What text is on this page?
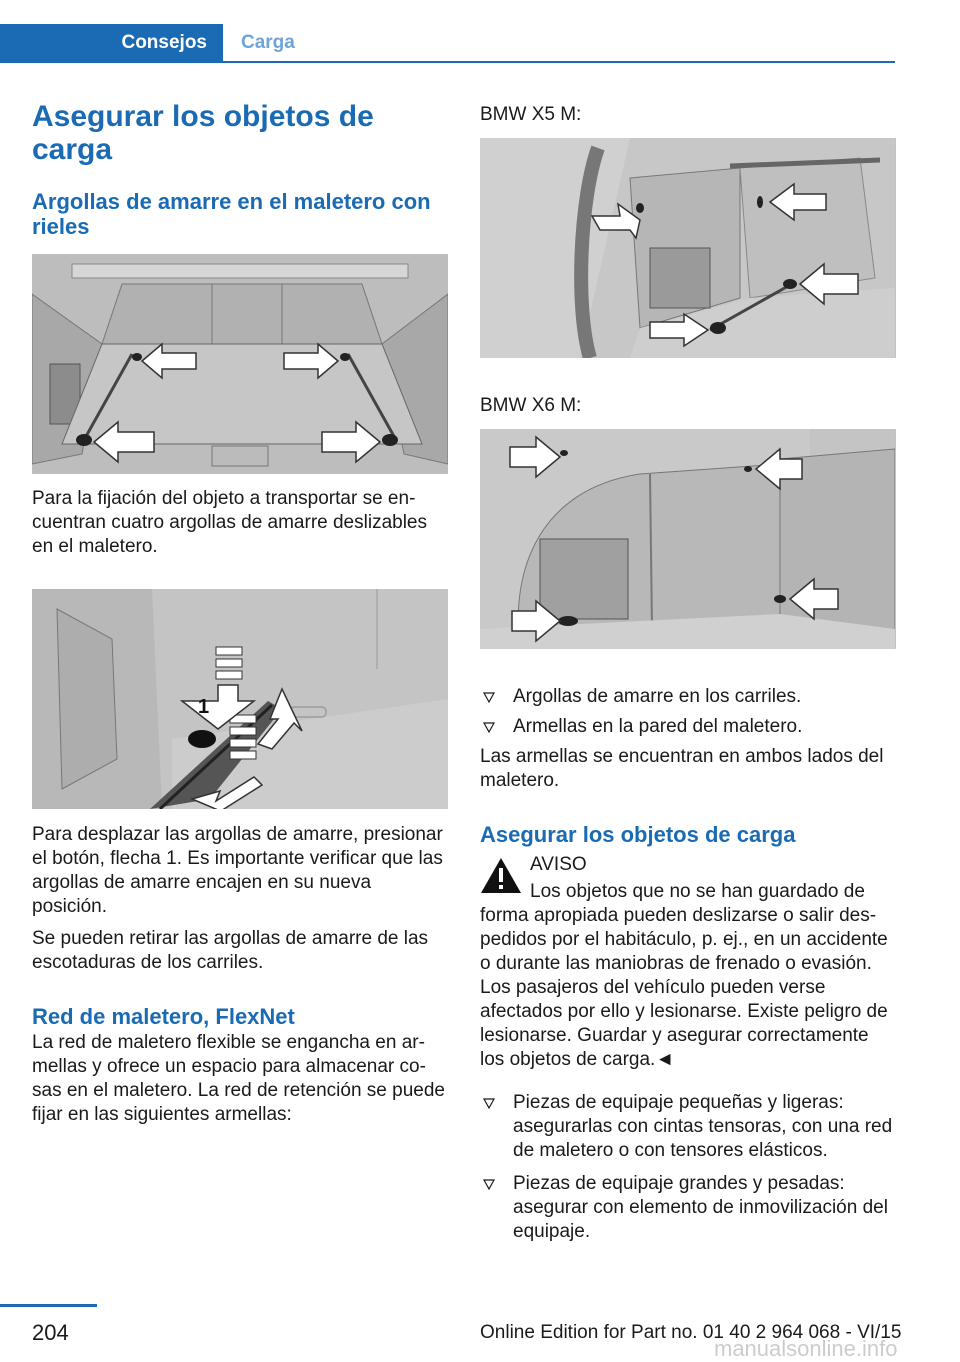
Consejos Carga
Asegurar los objetos de carga
Argollas de amarre en el maletero con rieles

Para la fijación del objeto a transportar se encuentran cuatro argollas de amarre deslizables en el maletero.

1

Para desplazar las argollas de amarre, presionar el botón, flecha 1. Es importante verificar que las argollas de amarre encajen en su nueva posición.

Se pueden retirar las argollas de amarre de las escotaduras de los carriles.

Red de maletero, FlexNet

La red de maletero flexible se engancha en armellas y ofrece un espacio para almacenar cosas en el maletero. La red de retención se puede fijar en las siguientes armellas:

BMW X5 M:

BMW X6 M:

Argollas de amarre en los carriles.
Armellas en la pared del maletero.

Las armellas se encuentran en ambos lados del maletero.

Asegurar los objetos de carga

AVISO

Los objetos que no se han guardado de forma apropiada pueden deslizarse o salir despedidos por el habitáculo, p. ej., en un accidente o durante las maniobras de frenado o evasión. Los pasajeros del vehículo pueden verse afectados por ello y lesionarse. Existe peligro de lesionarse. Guardar y asegurar correctamente los objetos de carga.◄

Piezas de equipaje pequeñas y ligeras: asegurarlas con cintas tensoras, con una red de maletero o con tensores elásticos.
Piezas de equipaje grandes y pesadas: asegurar con elemento de inmovilización del equipaje.
204	Online Edition for Part no. 01 40 2 964 068 - VI/15
manualsonline.info
